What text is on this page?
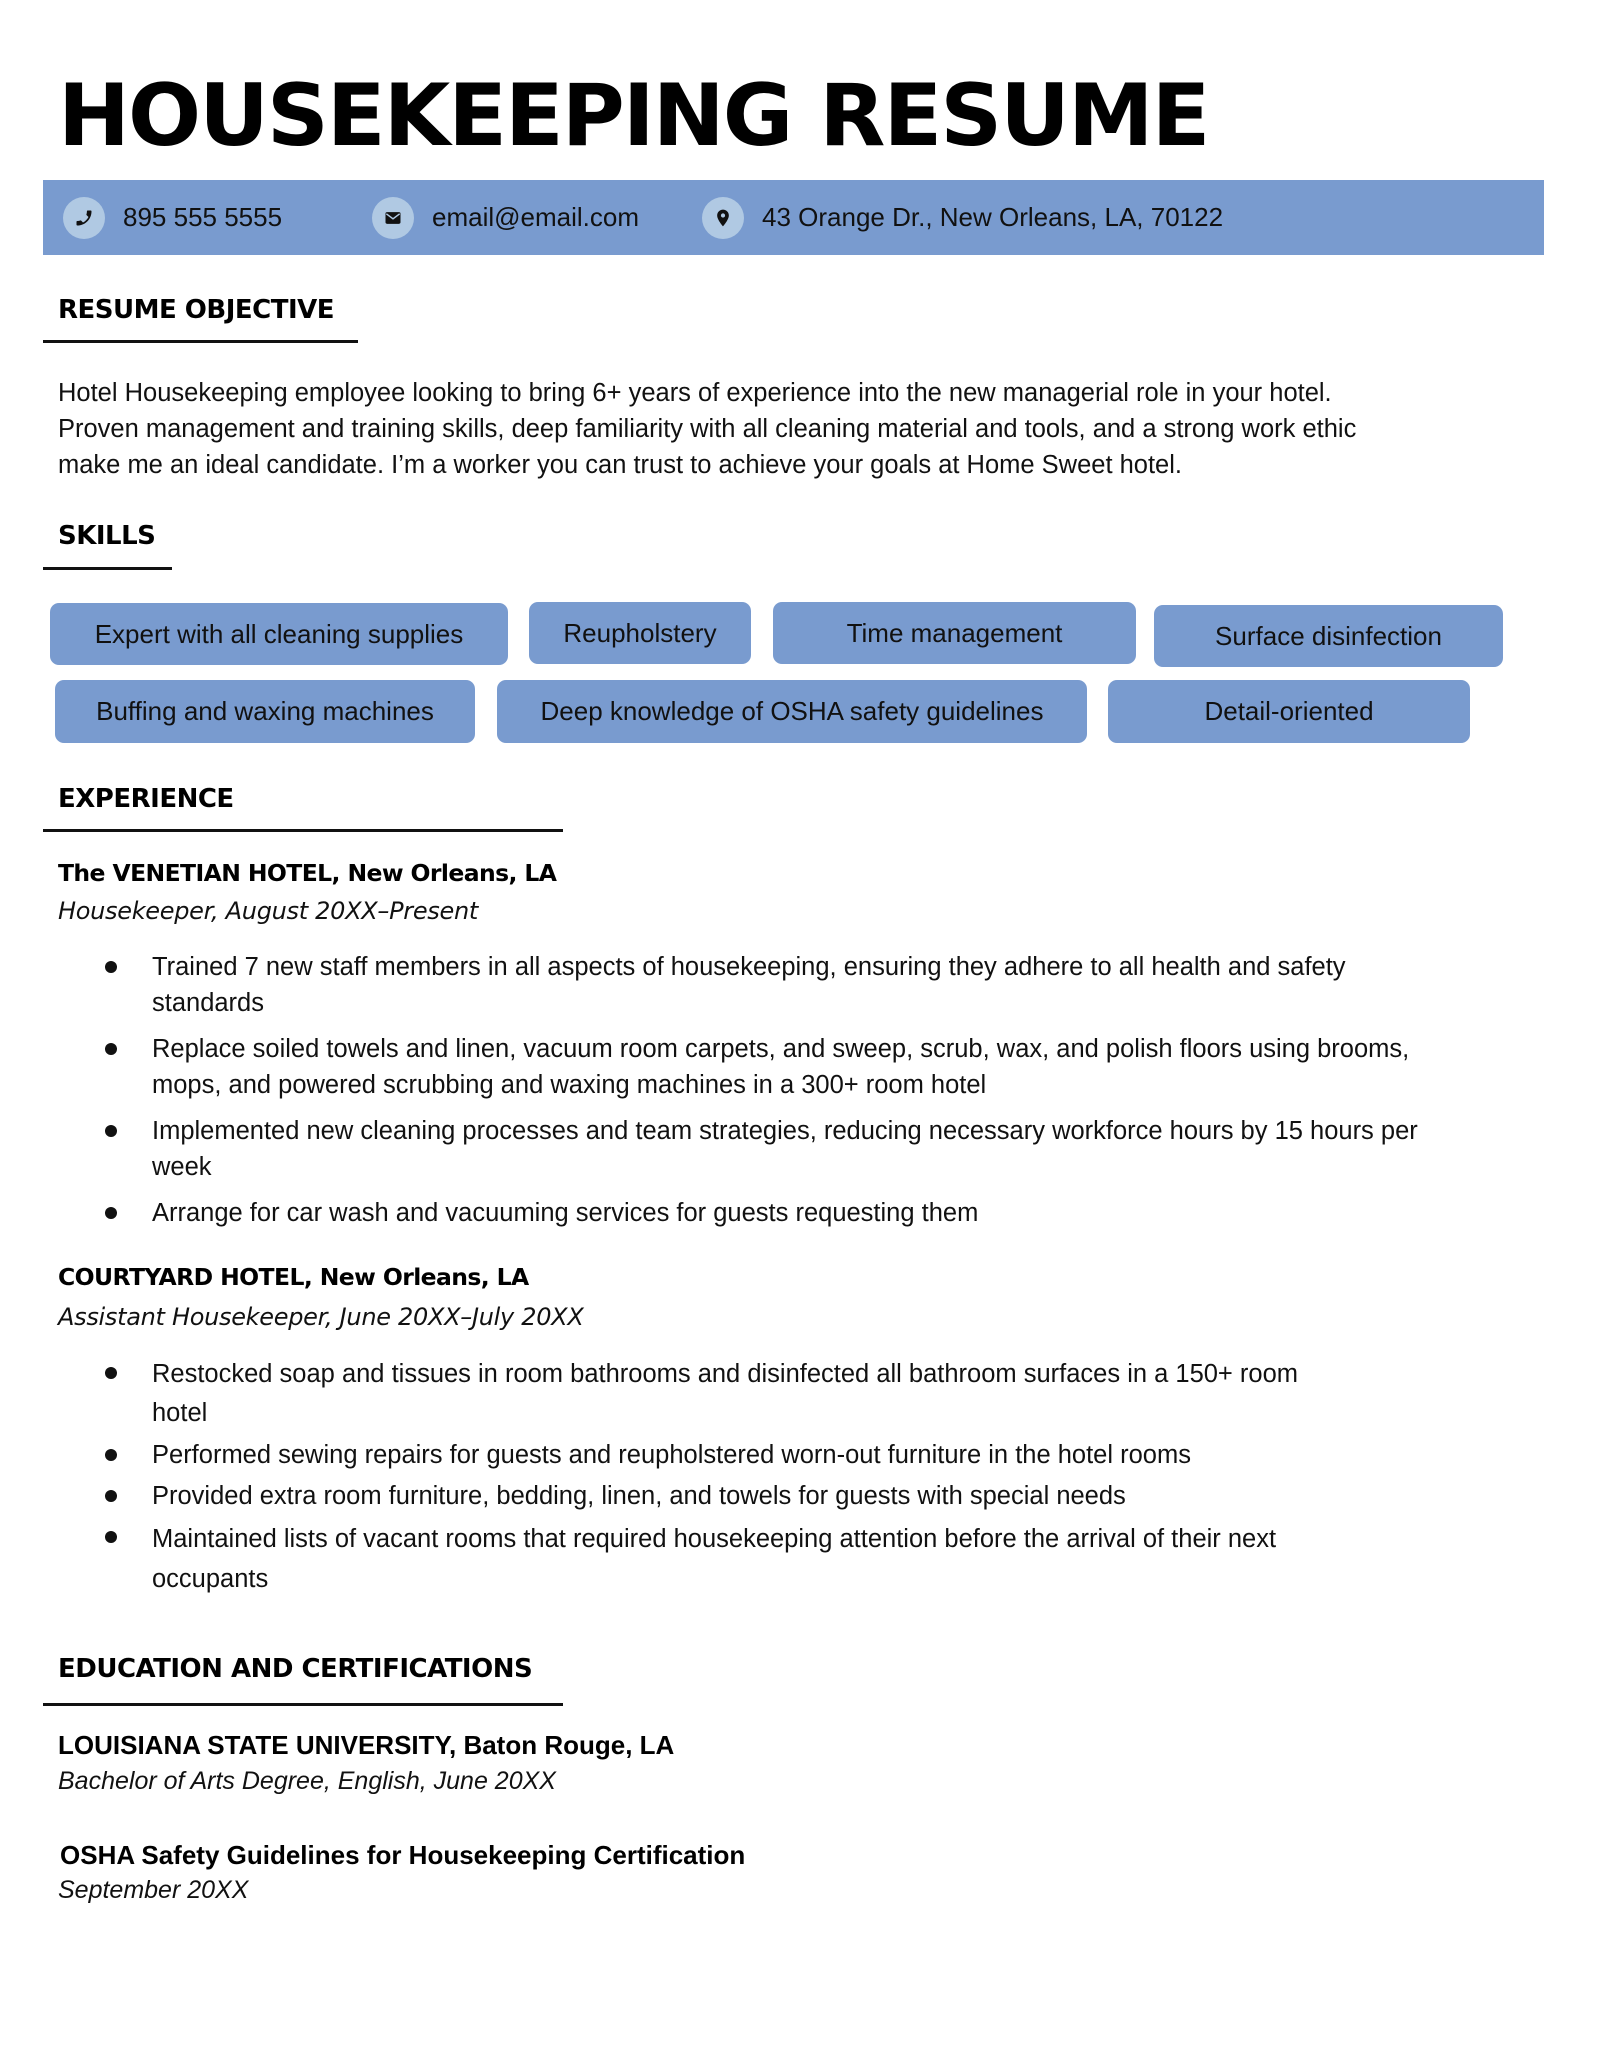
HOUSEKEEPING RESUME
895 555 5555	email@email.com	43 Orange Dr., New Orleans, LA, 70122
RESUME OBJECTIVE
Hotel Housekeeping employee looking to bring 6+ years of experience into the new managerial role in your hotel.
Proven management and training skills, deep familiarity with all cleaning material and tools, and a strong work ethic
make me an ideal candidate. I’m a worker you can trust to achieve your goals at Home Sweet hotel.
SKILLS
Expert with all cleaning supplies	Reupholstery	Time management	Surface disinfection
Buffing and waxing machines	Deep knowledge of OSHA safety guidelines	Detail-oriented
EXPERIENCE
The VENETIAN HOTEL, New Orleans, LA
Housekeeper, August 20XX–Present
Trained 7 new staff members in all aspects of housekeeping, ensuring they adhere to all health and safety
standards
Replace soiled towels and linen, vacuum room carpets, and sweep, scrub, wax, and polish floors using brooms,
mops, and powered scrubbing and waxing machines in a 300+ room hotel
Implemented new cleaning processes and team strategies, reducing necessary workforce hours by 15 hours per
week
Arrange for car wash and vacuuming services for guests requesting them
COURTYARD HOTEL, New Orleans, LA
Assistant Housekeeper, June 20XX–July 20XX
Restocked soap and tissues in room bathrooms and disinfected all bathroom surfaces in a 150+ room
hotel
Performed sewing repairs for guests and reupholstered worn-out furniture in the hotel rooms
Provided extra room furniture, bedding, linen, and towels for guests with special needs
Maintained lists of vacant rooms that required housekeeping attention before the arrival of their next
occupants
EDUCATION AND CERTIFICATIONS
LOUISIANA STATE UNIVERSITY, Baton Rouge, LA
Bachelor of Arts Degree, English, June 20XX
OSHA Safety Guidelines for Housekeeping Certification
September 20XX
